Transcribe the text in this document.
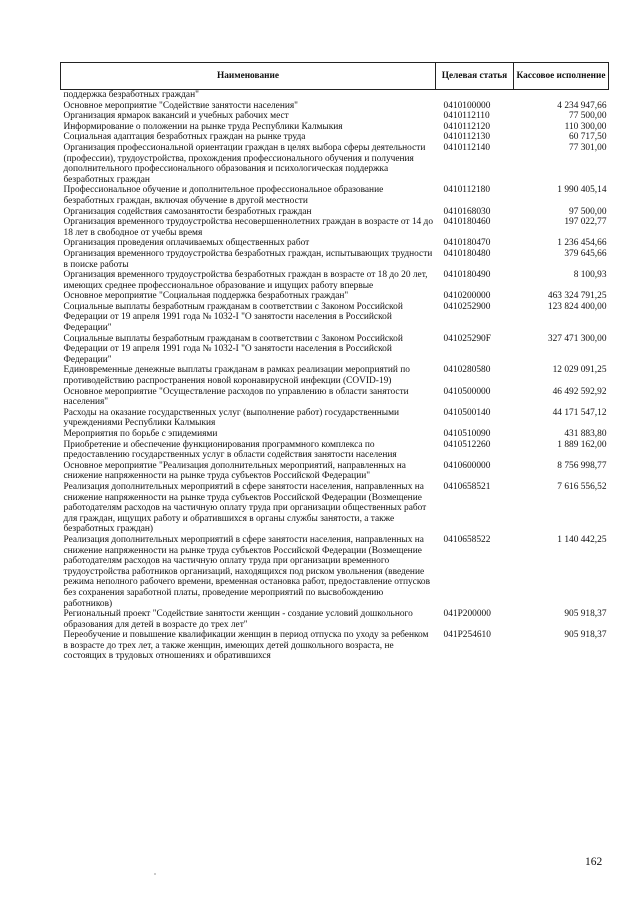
Наименование	Целевая статья	Кассовое исполнение
поддержка безработных граждан"		
Основное мероприятие "Содействие занятости населения"	0410100000	4 234 947,66
Организация ярмарок вакансий и учебных рабочих мест	0410112110	77 500,00
Информирование о положении на рынке труда Республики Калмыкия	0410112120	110 300,00
Социальная адаптация безработных граждан на рынке труда	0410112130	60 717,50
Организация профессиональной ориентации граждан в целях выбора сферы деятельности (профессии), трудоустройства, прохождения профессионального обучения и получения дополнительного профессионального образования и психологическая поддержка безработных граждан	0410112140	77 301,00
Профессиональное обучение и дополнительное профессиональное образование безработных граждан, включая обучение в другой местности	0410112180	1 990 405,14
Организация содействия самозанятости безработных граждан	0410168030	97 500,00
Организация временного трудоустройства несовершеннолетних граждан в возрасте от 14 до 18 лет в свободное от учебы время	0410180460	197 022,77
Организация проведения оплачиваемых общественных работ	0410180470	1 236 454,66
Организация временного трудоустройства безработных граждан, испытывающих трудности в поиске работы	0410180480	379 645,66
Организация временного трудоустройства безработных граждан в возрасте от 18 до 20 лет, имеющих среднее профессиональное образование и ищущих работу впервые	0410180490	8 100,93
Основное мероприятие "Социальная поддержка безработных граждан"	0410200000	463 324 791,25
Социальные выплаты безработным гражданам в соответствии с Законом Российской Федерации от 19 апреля 1991 года № 1032-I "О занятости населения в Российской Федерации"	0410252900	123 824 400,00
Социальные выплаты безработным гражданам в соответствии с Законом Российской Федерации от 19 апреля 1991 года № 1032-I "О занятости населения в Российской Федерации"	041025290F	327 471 300,00
Единовременные денежные выплаты гражданам в рамках реализации мероприятий по противодействию распространения новой коронавирусной инфекции (COVID-19)	0410280580	12 029 091,25
Основное мероприятие "Осуществление расходов по управлению в области занятости населения"	0410500000	46 492 592,92
Расходы на оказание государственных услуг (выполнение работ) государственными учреждениями Республики Калмыкия	0410500140	44 171 547,12
Мероприятия по борьбе с эпидемиями	0410510090	431 883,80
Приобретение и обеспечение функционирования программного комплекса по предоставлению государственных услуг в области содействия занятости населения	0410512260	1 889 162,00
Основное мероприятие "Реализация дополнительных мероприятий, направленных на снижение напряженности на рынке труда субъектов Российской Федерации"	0410600000	8 756 998,77
Реализация дополнительных мероприятий в сфере занятости населения, направленных на снижение напряженности на рынке труда субъектов Российской Федерации (Возмещение работодателям расходов на частичную оплату труда при организации общественных работ для граждан, ищущих работу и обратившихся в органы службы занятости, а также безработных граждан)	0410658521	7 616 556,52
Реализация дополнительных мероприятий в сфере занятости населения, направленных на снижение напряженности на рынке труда субъектов Российской Федерации (Возмещение работодателям расходов на частичную оплату труда при организации временного трудоустройства работников организаций, находящихся под риском увольнения (введение режима неполного рабочего времени, временная остановка работ, предоставление отпусков без сохранения заработной платы, проведение мероприятий по высвобождению работников)	0410658522	1 140 442,25
Региональный проект "Содействие занятости женщин - создание условий дошкольного образования для детей в возрасте до трех лет"	041P200000	905 918,37
Переобучение и повышение квалификации женщин в период отпуска по уходу за ребенком в возрасте до трех лет, а также женщин, имеющих детей дошкольного возраста, не состоящих в трудовых отношениях и обратившихся	041P254610	905 918,37
162
